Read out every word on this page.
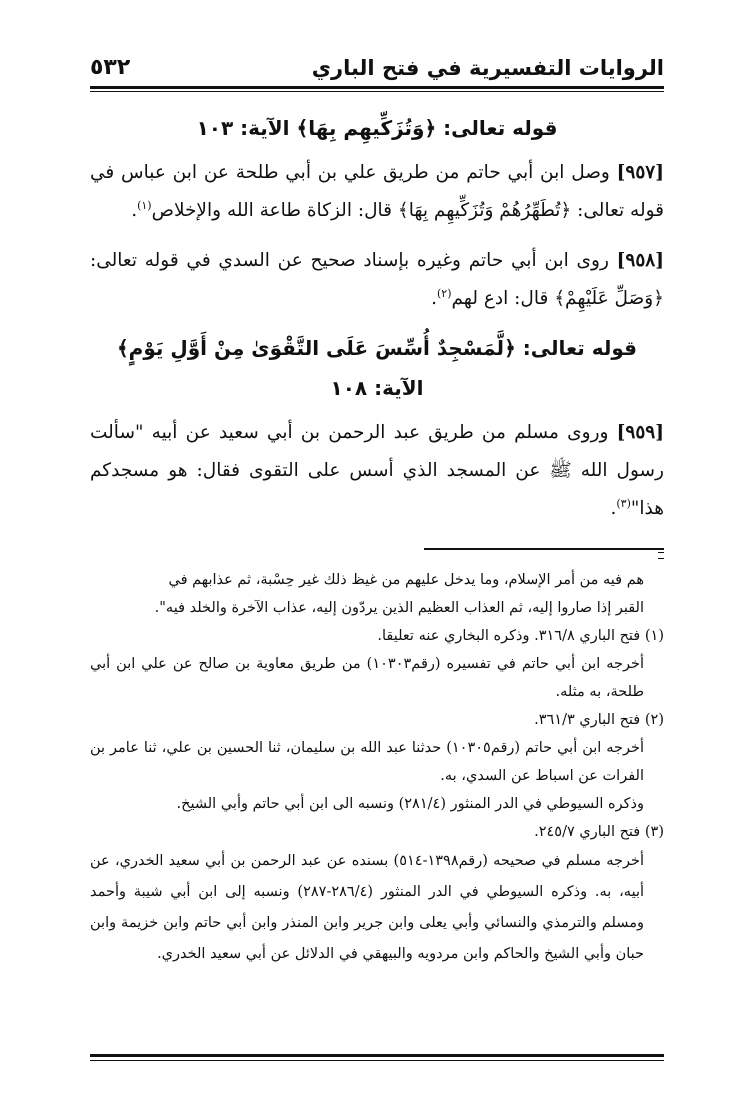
الروايات التفسيرية في فتح الباري
٥٣٢
قوله تعالى: ﴿وَتُزَكِّيهِم بِهَا﴾ الآية: ١٠٣

[٩٥٧] وصل ابن أبي حاتم من طريق علي بن أبي طلحة عن ابن عباس في قوله تعالى: ﴿تُطَهِّرُهُمْ وَتُزَكِّيهِم بِهَا﴾ قال: الزكاة طاعة الله والإخلاص$^{(١)}$.

[٩٥٨] روى ابن أبي حاتم وغيره بإسناد صحيح عن السدي في قوله تعالى: ﴿وَصَلِّ عَلَيْهِمْ﴾ قال: ادع لهم$^{(٢)}$.

قوله تعالى: ﴿لَّمَسْجِدٌ أُسِّسَ عَلَى التَّقْوَىٰ مِنْ أَوَّلِ يَوْمٍ﴾ الآية: ١٠٨

[٩٥٩] وروى مسلم من طريق عبد الرحمن بن أبي سعيد عن أبيه "سألت رسول الله ﷺ عن المسجد الذي أسس على التقوى فقال: هو مسجدكم هذا"$^{(٣)}$.

هم فيه من أمر الإسلام، وما يدخل عليهم من غيظ ذلك غير حِسْبة، ثم عذابهم في

القبر إذا صاروا إليه، ثم العذاب العظيم الذين يردّون إليه، عذاب الآخرة والخلد فيه".

(١) فتح الباري ٣١٦/٨. وذكره البخاري عنه تعليقا.

أخرجه ابن أبي حاتم في تفسيره (رقم١٠٣٠٣) من طريق معاوية بن صالح عن علي ابن أبي طلحة، به مثله.

(٢) فتح الباري ٣٦١/٣.

أخرجه ابن أبي حاتم (رقم١٠٣٠٥) حدثنا عبد الله بن سليمان، ثنا الحسين بن علي، ثنا عامر بن الفرات عن اسباط عن السدي، به.

وذكره السيوطي في الدر المنثور (٢٨١/٤) ونسبه الى ابن أبي حاتم وأبي الشيخ.

(٣) فتح الباري ٢٤٥/٧.

أخرجه مسلم في صحيحه (رقم١٣٩٨-٥١٤) بسنده عن عبد الرحمن بن أبي سعيد الخدري، عن أبيه، به. وذكره السيوطي في الدر المنثور (٢٨٦/٤-٢٨٧) ونسبه إلى ابن أبي شيبة وأحمد ومسلم والترمذي والنسائي وأبي يعلى وابن جرير وابن المنذر وابن أبي حاتم وابن خزيمة وابن حبان وأبي الشيخ والحاكم وابن مردويه والبيهقي في الدلائل عن أبي سعيد الخدري.
